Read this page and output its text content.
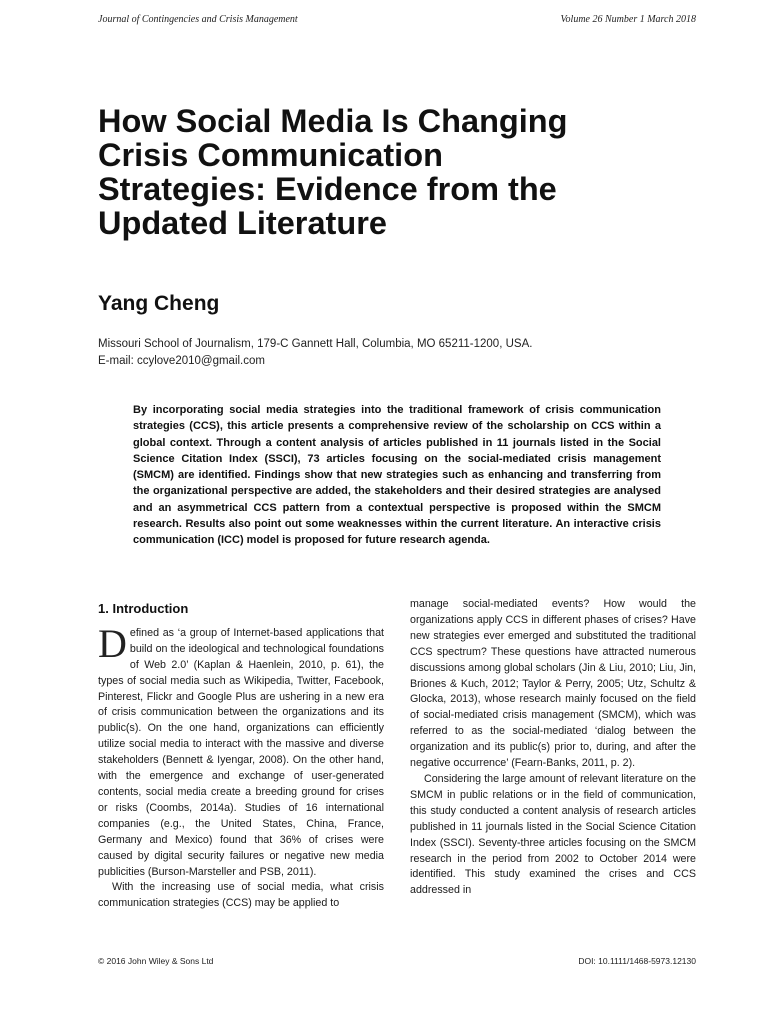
Journal of Contingencies and Crisis Management	Volume 26 Number 1 March 2018
How Social Media Is Changing
Crisis Communication
Strategies: Evidence from the
Updated Literature
Yang Cheng
Missouri School of Journalism, 179-C Gannett Hall, Columbia, MO 65211-1200, USA.
E-mail: ccylove2010@gmail.com

By incorporating social media strategies into the traditional framework of crisis communication strategies (CCS), this article presents a comprehensive review of the scholarship on CCS within a global context. Through a content analysis of articles published in 11 journals listed in the Social Science Citation Index (SSCI), 73 articles focusing on the social-mediated crisis management (SMCM) are identified. Findings show that new strategies such as enhancing and transferring from the organizational perspective are added, the stakeholders and their desired strategies are analysed and an asymmetrical CCS pattern from a contextual perspective is proposed within the SMCM research. Results also point out some weaknesses within the current literature. An interactive crisis communication (ICC) model is proposed for future research agenda.

1. Introduction

Defined as ‘a group of Internet-based applications that build on the ideological and technological foundations of Web 2.0’ (Kaplan & Haenlein, 2010, p. 61), the types of social media such as Wikipedia, Twitter, Facebook, Pinterest, Flickr and Google Plus are ushering in a new era of crisis communication between the organizations and its public(s). On the one hand, organizations can efficiently utilize social media to interact with the massive and diverse stakeholders (Bennett & Iyengar, 2008). On the other hand, with the emergence and exchange of user-generated contents, social media create a breeding ground for crises or risks (Coombs, 2014a). Studies of 16 international companies (e.g., the United States, China, France, Germany and Mexico) found that 36% of crises were caused by digital security failures or negative new media publicities (Burson-Marsteller and PSB, 2011).

With the increasing use of social media, what crisis communication strategies (CCS) may be applied to

manage social-mediated events? How would the organizations apply CCS in different phases of crises? Have new strategies ever emerged and substituted the traditional CCS spectrum? These questions have attracted numerous discussions among global scholars (Jin & Liu, 2010; Liu, Jin, Briones & Kuch, 2012; Taylor & Perry, 2005; Utz, Schultz & Glocka, 2013), whose research mainly focused on the field of social-mediated crisis management (SMCM), which was referred to as the social-mediated ‘dialog between the organization and its public(s) prior to, during, and after the negative occurrence’ (Fearn-Banks, 2011, p. 2).

Considering the large amount of relevant literature on the SMCM in public relations or in the field of communication, this study conducted a content analysis of research articles published in 11 journals listed in the Social Science Citation Index (SSCI). Seventy-three articles focusing on the SMCM research in the period from 2002 to October 2014 were identified. This study examined the crises and CCS addressed in

© 2016 John Wiley & Sons Ltd	DOI: 10.1111/1468-5973.12130
